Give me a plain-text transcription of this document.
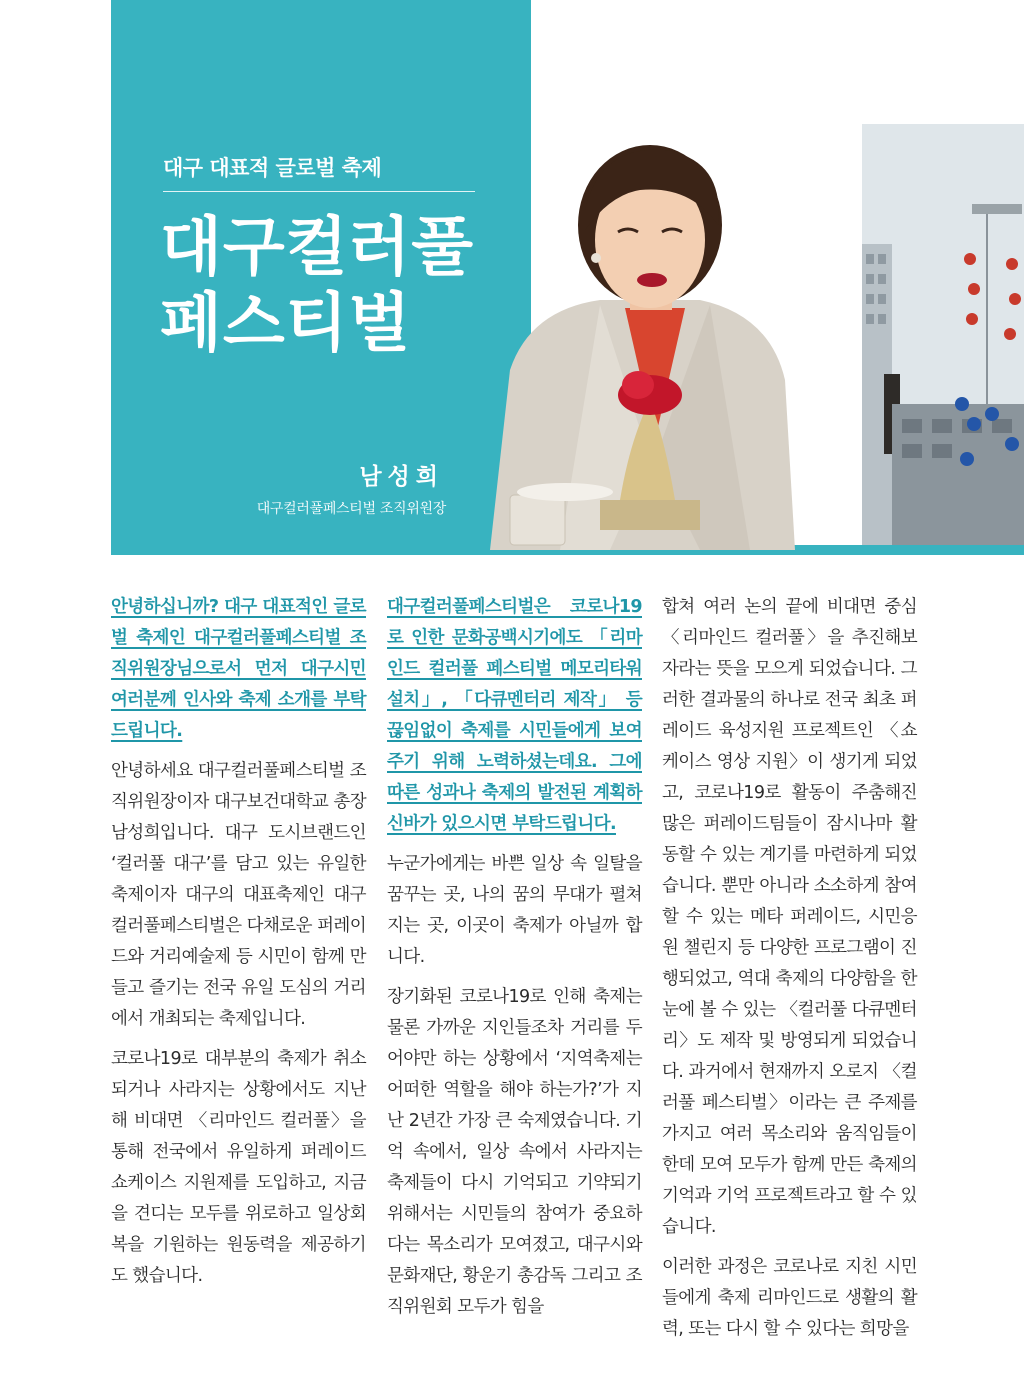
대구 대표적 글로벌 축제
대구컬러풀
페스티벌
남성희
대구컬러풀페스티벌 조직위원장

안녕하십니까? 대구 대표적인 글로벌 축제인 대구컬러풀페스티벌 조직위원장님으로서 먼저 대구시민여러분께 인사와 축제 소개를 부탁드립니다.

안녕하세요 대구컬러풀페스티벌 조직위원장이자 대구보건대학교 총장 남성희입니다. 대구 도시브랜드인 ‘컬러풀 대구’를 담고 있는 유일한 축제이자 대구의 대표축제인 대구컬러풀페스티벌은 다채로운 퍼레이드와 거리예술제 등 시민이 함께 만들고 즐기는 전국 유일 도심의 거리에서 개최되는 축제입니다.

코로나19로 대부분의 축제가 취소되거나 사라지는 상황에서도 지난해 비대면 〈리마인드 컬러풀〉을 통해 전국에서 유일하게 퍼레이드 쇼케이스 지원제를 도입하고, 지금을 견디는 모두를 위로하고 일상회복을 기원하는 원동력을 제공하기도 했습니다.

대구컬러풀페스티벌은 코로나19로 인한 문화공백시기에도 「리마인드 컬러풀 페스티벌 메모리타워 설치」, 「다큐멘터리 제작」 등 끊임없이 축제를 시민들에게 보여주기 위해 노력하셨는데요. 그에 따른 성과나 축제의 발전된 계획하신바가 있으시면 부탁드립니다.

누군가에게는 바쁜 일상 속 일탈을 꿈꾸는 곳, 나의 꿈의 무대가 펼쳐지는 곳, 이곳이 축제가 아닐까 합니다.

장기화된 코로나19로 인해 축제는 물론 가까운 지인들조차 거리를 두어야만 하는 상황에서 ‘지역축제는 어떠한 역할을 해야 하는가?’가 지난 2년간 가장 큰 숙제였습니다. 기억 속에서, 일상 속에서 사라지는 축제들이 다시 기억되고 기약되기 위해서는 시민들의 참여가 중요하다는 목소리가 모여졌고, 대구시와 문화재단, 황운기 총감독 그리고 조직위원회 모두가 힘을

합쳐 여러 논의 끝에 비대면 중심 〈리마인드 컬러풀〉을 추진해보자라는 뜻을 모으게 되었습니다. 그러한 결과물의 하나로 전국 최초 퍼레이드 육성지원 프로젝트인 〈쇼케이스 영상 지원〉이 생기게 되었고, 코로나19로 활동이 주춤해진 많은 퍼레이드팀들이 잠시나마 활동할 수 있는 계기를 마련하게 되었습니다. 뿐만 아니라 소소하게 참여할 수 있는 메타 퍼레이드, 시민응원 챌린지 등 다양한 프로그램이 진행되었고, 역대 축제의 다양함을 한눈에 볼 수 있는 〈컬러풀 다큐멘터리〉도 제작 및 방영되게 되었습니다. 과거에서 현재까지 오로지 〈컬러풀 페스티벌〉이라는 큰 주제를 가지고 여러 목소리와 움직임들이 한데 모여 모두가 함께 만든 축제의 기억과 기억 프로젝트라고 할 수 있습니다.

이러한 과정은 코로나로 지친 시민들에게 축제 리마인드로 생활의 활력, 또는 다시 할 수 있다는 희망을
